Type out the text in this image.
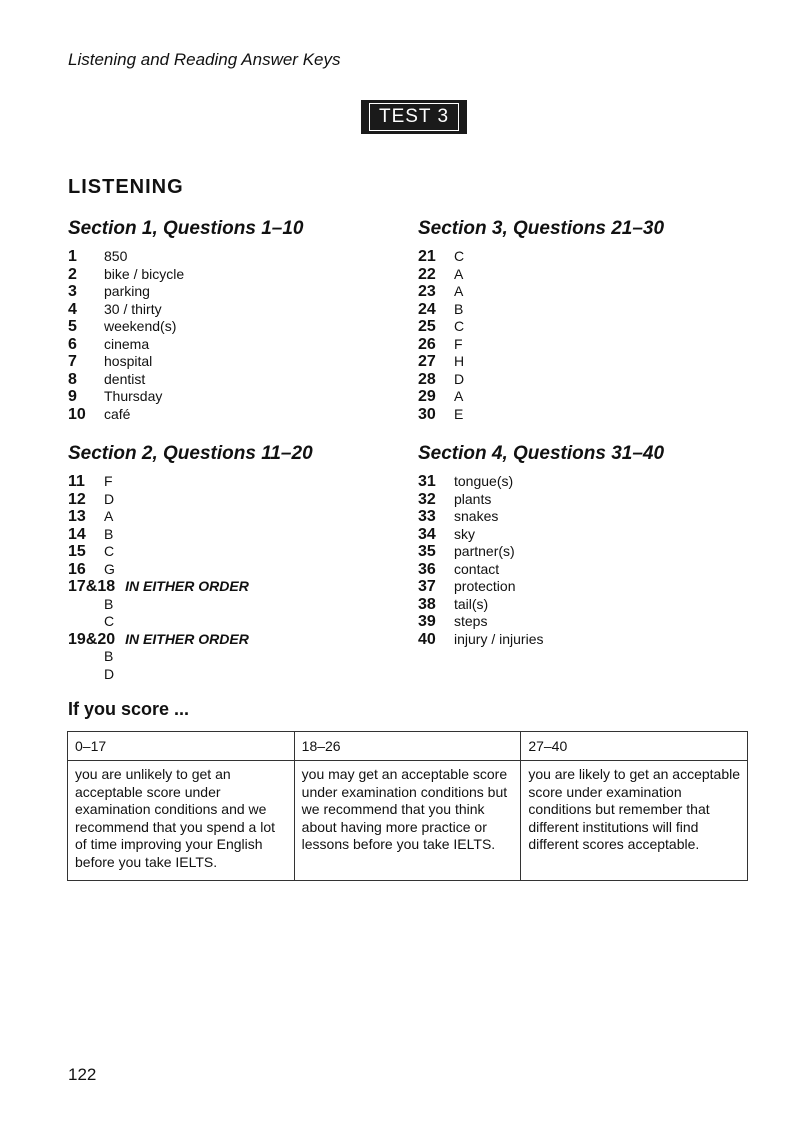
Listening and Reading Answer Keys
TEST 3
LISTENING
Section 1, Questions 1–10
1 850
2 bike / bicycle
3 parking
4 30 / thirty
5 weekend(s)
6 cinema
7 hospital
8 dentist
9 Thursday
10 café
Section 3, Questions 21–30
21 C
22 A
23 A
24 B
25 C
26 F
27 H
28 D
29 A
30 E
Section 2, Questions 11–20
11 F
12 D
13 A
14 B
15 C
16 G
17&18 IN EITHER ORDER
B
C
19&20 IN EITHER ORDER
B
D
Section 4, Questions 31–40
31 tongue(s)
32 plants
33 snakes
34 sky
35 partner(s)
36 contact
37 protection
38 tail(s)
39 steps
40 injury / injuries
If you score ...
0–17	18–26	27–40
you are unlikely to get an acceptable score under examination conditions and we recommend that you spend a lot of time improving your English before you take IELTS.	you may get an acceptable score under examination conditions but we recommend that you think about having more practice or lessons before you take IELTS.	you are likely to get an acceptable score under examination conditions but remember that different institutions will find different scores acceptable.
122
